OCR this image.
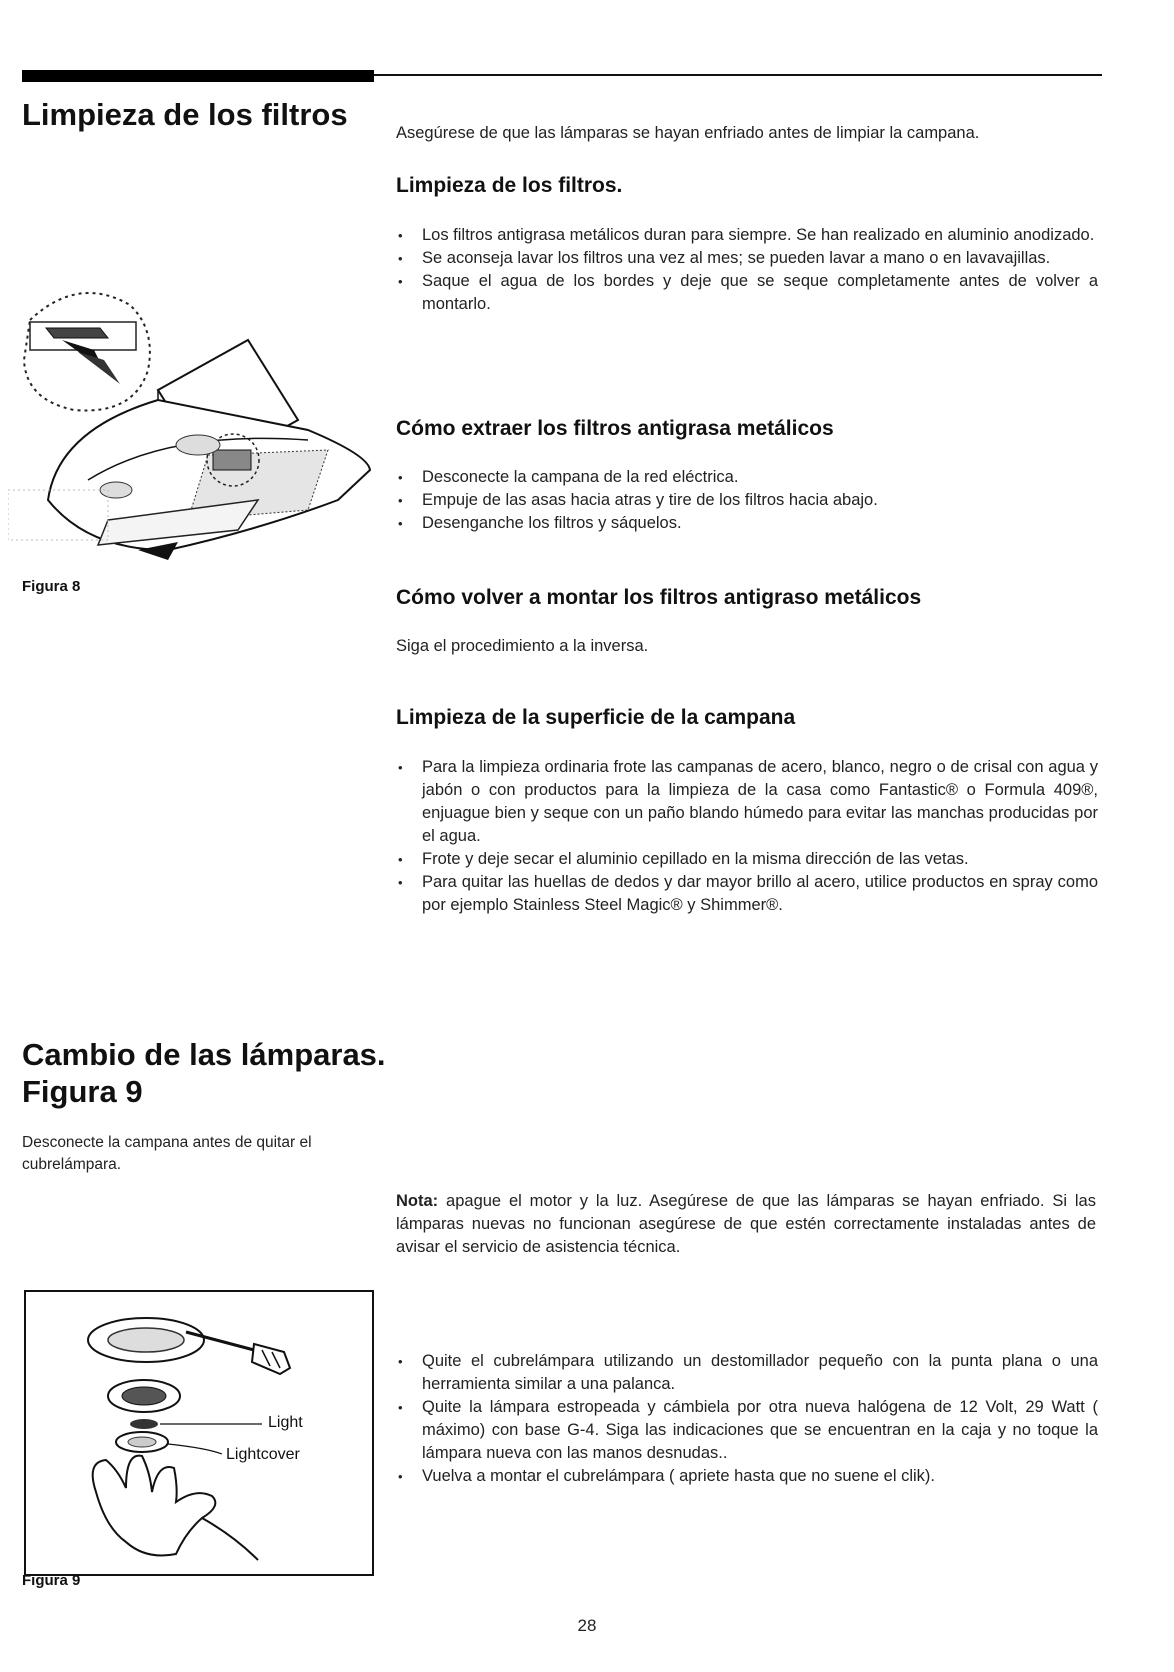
Limpieza de los filtros

Asegúrese de que las lámparas se hayan enfriado antes de limpiar la campana.

Limpieza de los filtros.
• Los filtros antigrasa metálicos duran para siempre. Se han realizado en aluminio anodizado.
• Se aconseja lavar los filtros una vez al mes; se pueden lavar a mano o en lavavajillas.
• Saque el agua de los bordes y deje que se seque completamente antes de volver a montarlo.
Cómo extraer los filtros antigrasa metálicos
• Desconecte la campana de la red eléctrica.
• Empuje de las asas hacia atras y tire de los filtros hacia abajo.
• Desenganche los filtros y sáquelos.
Cómo volver a montar los filtros antigraso metálicos

Siga el procedimiento a la inversa.

Limpieza de la superficie de la campana
• Para la limpieza ordinaria frote las campanas de acero, blanco, negro o de crisal con agua y jabón o con productos para la limpieza de la casa como Fantastic® o Formula 409®, enjuague bien y seque con un paño blando húmedo para evitar las manchas producidas por el agua.
• Frote y deje secar el aluminio cepillado en la misma dirección de las vetas.
• Para quitar las huellas de dedos y dar mayor brillo al acero, utilice productos en spray como por ejemplo Stainless Steel Magic® y Shimmer®.
Figura 8
Cambio de las lámparas.
Figura 9

Desconecte la campana antes de quitar el cubrelámpara.

Nota: apague el motor y la luz. Asegúrese de que las lámparas se hayan enfriado. Si las lámparas nuevas no funcionan asegúrese de que estén correctamente instaladas antes de avisar el servicio de asistencia técnica.

• Quite el cubrelámpara utilizando un destomillador pequeño con la punta plana o una herramienta similar a una palanca.
• Quite la lámpara estropeada y cámbiela por otra nueva halógena de 12 Volt, 29 Watt ( máximo) con base G-4. Siga las indicaciones que se encuentran en la caja y no toque la lámpara nueva con las manos desnudas..
• Vuelva a montar el cubrelámpara ( apriete hasta que no suene el clik).
Light
Lightcover
Figura 9
28
